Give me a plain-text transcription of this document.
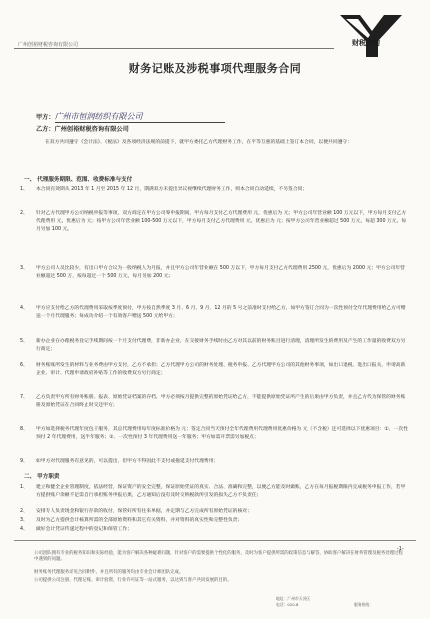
广州创裕财税咨询有限公司	财税咨询
财务记账及涉税事项代理服务合同
甲方：广州市恒润纺织有限公司
乙方：广州创裕财税咨询有限公司
在双方共同遵守《会计法》、《税法》及各项经济法规的前提下，就甲方委托乙方代理财务工作，在平等互惠的基础上签订本合同，以便共同遵守：
一、 代理服务期限、范围、收费标准与支付
1、 本合同有效期从 2013 年 1 月至 2015 年 12 月，期满双方未提出异议视继续代理财务工作，则本合同自动延续，不另签合同；
2、 针对乙方代理甲方公司纳税申报等事项，双方商定在甲方公司零申报期间，甲方每月支付乙方代理费用 元，优惠后为 元；甲方公司年营业额 100 万元以下，甲方每月支付乙方代理费用 元，优惠后为 元；按甲方公司年营业额 100-500 万元以下，甲方每月支付乙方代理费用 元，优惠后为 元；按甲方公司年营业额超过 500 万元，每超 300 万元，每月另加 100 元。
3、 甲方公司人员比较少，有出口甲方合议为一般纳税人为月报，并且甲方公司年营业额在 500 万以下，甲方每月支付乙方代理费用 2500 元，优惠后为 2000 元；甲方公司年营业额超过 500 万，按每超过一个 500 万元，每月另加 200 元；
4、 甲方应支付给乙方的代理费用采取按季度预付，甲方按自然季度 3 月、6 月、9 月、12 月的 5 号之前准时支付给乙方，如甲方签订合同为一次性预付全年代理费用给乙方可赠送一个月代理服务；每成功介绍一个有效客户赠送 500 元给甲方；
5、 新办企业在办理税务登记手续期间按一个月支付代理费，非新办企业，在交接财务手续时由乙方对其以前的财务账目进行清理，清理所发生的费用及产生的工作量的收费双方另行商定；
6、 财务账账所发生的材料与业务费由甲方支付，乙方不承担；乙方代理甲方公司的财务处理、税务申报、乙方代理甲方公司的其他财务事项，如出口退税、进出口报关、申请高新企业、审计、代理申请政府补贴等工作的收费双方另行商定；
7、 乙方负责甲方所有财务账册、报表、原始凭证档案的存档，甲方必须按月提供完整的原始凭证给乙方，不能提供原始凭证所产生的后果由甲方负责，并且乙方代为保管的财务账册及原始凭证在合同终止时交还甲方；
8、 甲方如选择税务代理年度包干服务，其总代理费用每年度标准价格为 元；签定合同当天预付全年代理费用代理费用优惠价格为 元（不含税）还可选择以下优惠项目：①、一次性预付 2 年代理费用，送半年服务；②、一次性预付 3 年代理费用送一年服务；甲方如需开票需另加税点；
9、 如甲方对代理服务有意见的，可以提出，但甲方不得因此不支付或拖延支付代理费用；
二、 甲方职责
1、 建立和健全企业管理制度，依法经营，保证资产的安全完整，保证原始凭证的真实、合法、准确和完整，以便乙方能及时做账，乙方在每月报税期限内完成税务申报工作，若甲方提供账户余额不足需自行承担账务申报后果，乙方通知后没有及时交纳税款所引发的损失乙方不负责任；
2、 安排专人负责现金和银行存款的收付，保管好所有往来单据，并定期与乙方完成所有原始凭证的核对；
3、 及时为乙方提供会计核算所需的全部原始资料和其它有关资料，并对资料的真实性和完整性负责；
4、 做好会计凭证传递过程中的登记和保管工作；
-1-
公司团队拥有专业的税务知识和实际经验，能为客户解决各种疑难问题，针对客户的需要提供个性化的服务，及时为客户提供所需的政策信息与解答，协助客户解决在财务管理及税务处理过程中遇到的问题。
财务账务代理服务详见合同附件，并且所有的服务均由专业会计师团队完成。
公司提供公司注册、代理记账、审计验资、行业许可证等一站式服务，以达到与客户共同发展的目的。
地址：广州市天河区
电话：020-8	服务热线：
